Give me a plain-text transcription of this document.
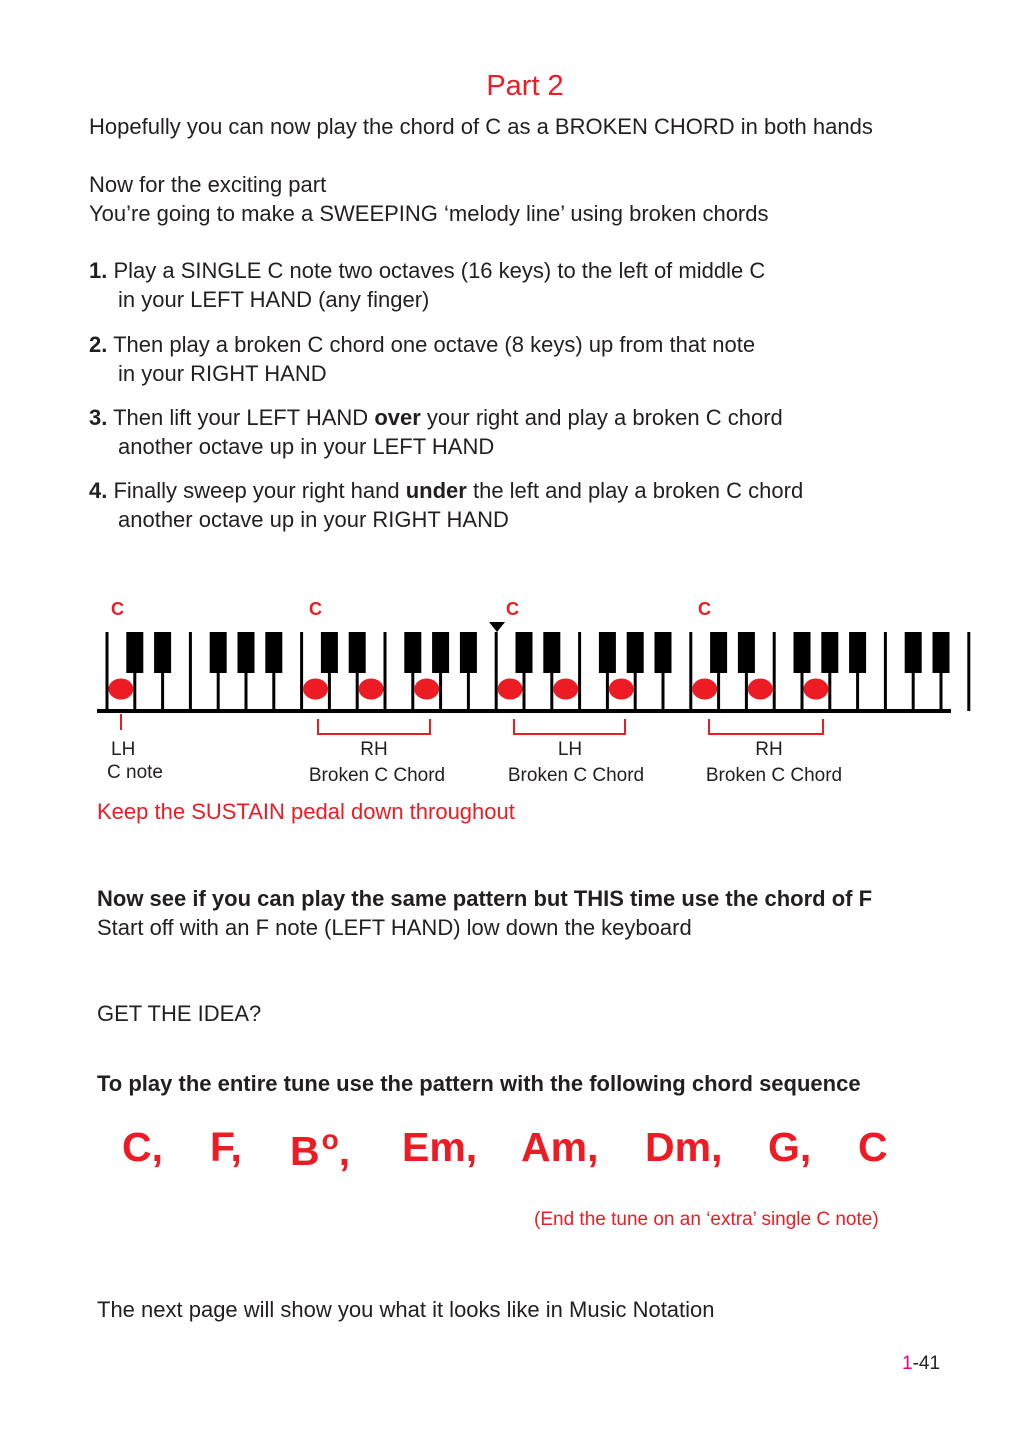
Part 2
Hopefully you can now play the chord of C as a BROKEN CHORD in both hands
Now for the exciting part
You’re going to make a SWEEPING ‘melody line’ using broken chords
1. Play a SINGLE C note two octaves (16 keys) to the left of middle C
in your LEFT HAND (any finger)
2. Then play a broken C chord one octave (8 keys) up from that note
in your RIGHT HAND
3. Then lift your LEFT HAND over your right and play a broken C chord
another octave up in your LEFT HAND
4. Finally sweep your right hand under the left and play a broken C chord
another octave up in your RIGHT HAND
C	C	C	C
LH
C note
RH
Broken C Chord
LH
Broken C Chord
RH
Broken C Chord
Keep the SUSTAIN pedal down throughout
Now see if you can play the same pattern but THIS time use the chord of F
Start off with an F note (LEFT HAND) low down the keyboard
GET THE IDEA?
To play the entire tune use the pattern with the following chord sequence
C, F, $B^o$, Em, Am, Dm, G, C
(End the tune on an ‘extra’ single C note)
The next page will show you what it looks like in Music Notation
1-41
